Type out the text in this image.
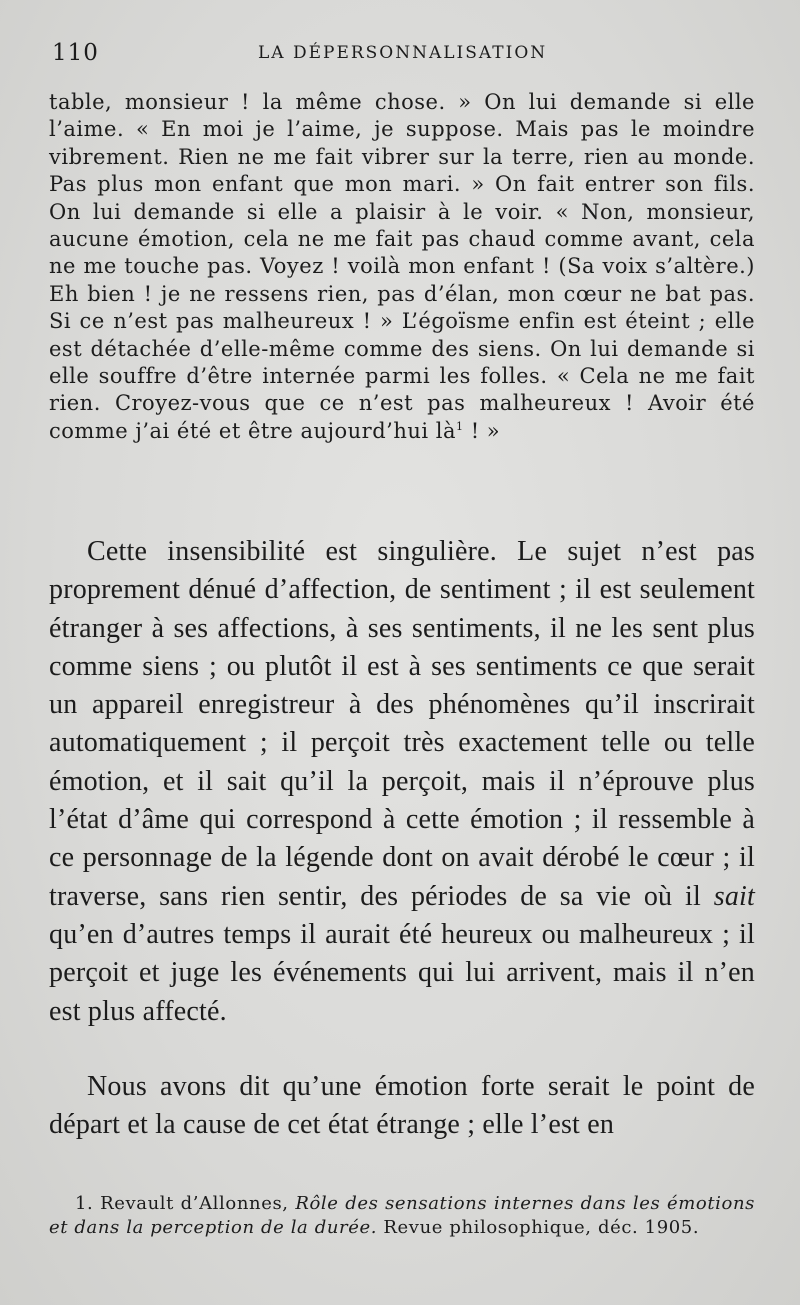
110	LA DÉPERSONNALISATION

table, monsieur ! la même chose. » On lui demande si elle l’aime. « En moi je l’aime, je suppose. Mais pas le moindre vibrement. Rien ne me fait vibrer sur la terre, rien au monde. Pas plus mon enfant que mon mari. » On fait entrer son fils. On lui demande si elle a plaisir à le voir. « Non, monsieur, aucune émotion, cela ne me fait pas chaud comme avant, cela ne me touche pas. Voyez ! voilà mon enfant ! (Sa voix s’altère.) Eh bien ! je ne ressens rien, pas d’élan, mon cœur ne bat pas. Si ce n’est pas malheureux ! » L’égoïsme enfin est éteint ; elle est détachée d’elle-même comme des siens. On lui demande si elle souffre d’être internée parmi les folles. « Cela ne me fait rien. Croyez-vous que ce n’est pas malheureux ! Avoir été comme j’ai été et être aujourd’hui $là^1$ ! »

Cette insensibilité est singulière. Le sujet n’est pas proprement dénué d’affection, de sentiment ; il est seulement étranger à ses affections, à ses sentiments, il ne les sent plus comme siens ; ou plutôt il est à ses sentiments ce que serait un appareil enregistreur à des phénomènes qu’il inscrirait automatiquement ; il perçoit très exactement telle ou telle émotion, et il sait qu’il la perçoit, mais il n’éprouve plus l’état d’âme qui correspond à cette émotion ; il ressemble à ce personnage de la légende dont on avait dérobé le cœur ; il traverse, sans rien sentir, des périodes de sa vie où il sait qu’en d’autres temps il aurait été heureux ou malheureux ; il perçoit et juge les événements qui lui arrivent, mais il n’en est plus affecté.

Nous avons dit qu’une émotion forte serait le point de départ et la cause de cet état étrange ; elle l’est en

1. Revault d’Allonnes, Rôle des sensations internes dans les émotions et dans la perception de la durée. Revue philosophique, déc. 1905.
